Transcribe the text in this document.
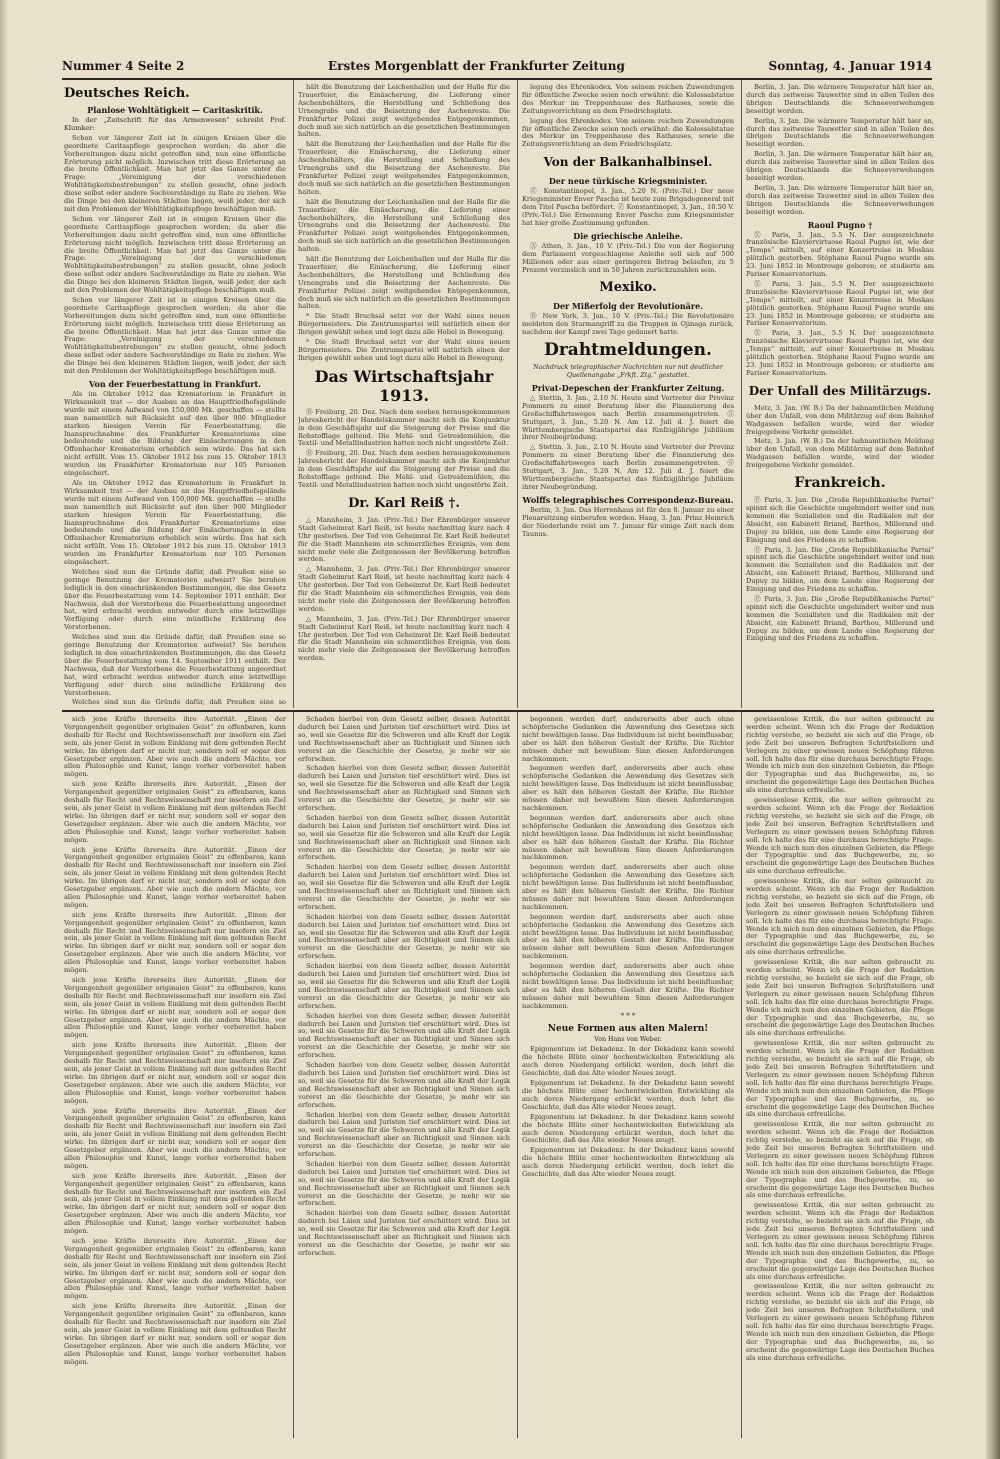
Nummer 4 Seite 2	Erstes Morgenblatt der Frankfurter Zeitung	Sonntag, 4. Januar 1914
Deutsches Reich.
Planlose Wohltätigkeit — Caritaskritik.

In der „Zeitschrift für das Armenwesen“ schreibt Prof. Klumker:

Schon vor längerer Zeit ist in einigen Kreisen über die geordnete Caritaspflege gesprochen worden; da aber die Vorbereitungen dazu nicht getroffen sind, nun eine öffentliche Erörterung nicht möglich. Inzwischen tritt diese Erörterung an die breite Öffentlichkeit. Man hat jetzt das Ganze unter die Frage: „Vereinigung der verschiedenen Wohltätigkeitsbestrebungen“ zu stellen gesucht, ohne jedoch diese selbst oder andere Sachverständige zu Rate zu ziehen. Wie die Dinge bei den kleineren Städten liegen, weiß jeder, der sich mit den Problemen der Wohltätigkeitspflege beschäftigen muß.

Schon vor längerer Zeit ist in einigen Kreisen über die geordnete Caritaspflege gesprochen worden; da aber die Vorbereitungen dazu nicht getroffen sind, nun eine öffentliche Erörterung nicht möglich. Inzwischen tritt diese Erörterung an die breite Öffentlichkeit. Man hat jetzt das Ganze unter die Frage: „Vereinigung der verschiedenen Wohltätigkeitsbestrebungen“ zu stellen gesucht, ohne jedoch diese selbst oder andere Sachverständige zu Rate zu ziehen. Wie die Dinge bei den kleineren Städten liegen, weiß jeder, der sich mit den Problemen der Wohltätigkeitspflege beschäftigen muß.

Schon vor längerer Zeit ist in einigen Kreisen über die geordnete Caritaspflege gesprochen worden; da aber die Vorbereitungen dazu nicht getroffen sind, nun eine öffentliche Erörterung nicht möglich. Inzwischen tritt diese Erörterung an die breite Öffentlichkeit. Man hat jetzt das Ganze unter die Frage: „Vereinigung der verschiedenen Wohltätigkeitsbestrebungen“ zu stellen gesucht, ohne jedoch diese selbst oder andere Sachverständige zu Rate zu ziehen. Wie die Dinge bei den kleineren Städten liegen, weiß jeder, der sich mit den Problemen der Wohltätigkeitspflege beschäftigen muß.

Von der Feuerbestattung in Frankfurt.

Als im Oktober 1912 das Krematorium in Frankfurt in Wirksamkeit trat — der Ausbau an das Hauptfriedhofsgelände wurde mit einem Aufwand von 150,000 Mk. geschaffen — stellte man namentlich mit Rücksicht auf den über 900 Mitglieder starken hiesigen Verein für Feuerbestattung, die Inanspruchnahme des Frankfurter Krematoriums eine bedeutende und die Bildung der Einäscherungen in den Offenbacher Krematorium erheblich sein würde. Das hat sich nicht erfüllt. Vom 15. Oktober 1912 bis zum 15. Oktober 1913 wurden im Frankfurter Krematorium nur 105 Personen eingeäschert.

Als im Oktober 1912 das Krematorium in Frankfurt in Wirksamkeit trat — der Ausbau an das Hauptfriedhofsgelände wurde mit einem Aufwand von 150,000 Mk. geschaffen — stellte man namentlich mit Rücksicht auf den über 900 Mitglieder starken hiesigen Verein für Feuerbestattung, die Inanspruchnahme des Frankfurter Krematoriums eine bedeutende und die Bildung der Einäscherungen in den Offenbacher Krematorium erheblich sein würde. Das hat sich nicht erfüllt. Vom 15. Oktober 1912 bis zum 15. Oktober 1913 wurden im Frankfurter Krematorium nur 105 Personen eingeäschert.

Welches sind nun die Gründe dafür, daß Preußen eine so geringe Benutzung der Krematorien aufweist? Sie beruhen lediglich in den einschränkenden Bestimmungen, die das Gesetz über die Feuerbestattung vom 14. September 1911 enthält. Der Nachweis, daß der Verstorbene die Feuerbestattung angeordnet hat, wird erbracht werden entweder durch eine letztwillige Verfügung oder durch eine mündliche Erklärung des Verstorbenen.

Welches sind nun die Gründe dafür, daß Preußen eine so geringe Benutzung der Krematorien aufweist? Sie beruhen lediglich in den einschränkenden Bestimmungen, die das Gesetz über die Feuerbestattung vom 14. September 1911 enthält. Der Nachweis, daß der Verstorbene die Feuerbestattung angeordnet hat, wird erbracht werden entweder durch eine letztwillige Verfügung oder durch eine mündliche Erklärung des Verstorbenen.

Welches sind nun die Gründe dafür, daß Preußen eine so

hält die Benutzung der Leichenhallen und der Halle für die Trauerfeier, die Einäscherung, die Lieferung einer Aschenbehälters, die Herstellung und Schließung des Urnengrabs und die Beisetzung der Aschenreste. Die Frankfurter Polizei zeigt weitgehendes Entgegenkommen, doch muß sie sich natürlich an die gesetzlichen Bestimmungen halten.

hält die Benutzung der Leichenhallen und der Halle für die Trauerfeier, die Einäscherung, die Lieferung einer Aschenbehälters, die Herstellung und Schließung des Urnengrabs und die Beisetzung der Aschenreste. Die Frankfurter Polizei zeigt weitgehendes Entgegenkommen, doch muß sie sich natürlich an die gesetzlichen Bestimmungen halten.

hält die Benutzung der Leichenhallen und der Halle für die Trauerfeier, die Einäscherung, die Lieferung einer Aschenbehälters, die Herstellung und Schließung des Urnengrabs und die Beisetzung der Aschenreste. Die Frankfurter Polizei zeigt weitgehendes Entgegenkommen, doch muß sie sich natürlich an die gesetzlichen Bestimmungen halten.

hält die Benutzung der Leichenhallen und der Halle für die Trauerfeier, die Einäscherung, die Lieferung einer Aschenbehälters, die Herstellung und Schließung des Urnengrabs und die Beisetzung der Aschenreste. Die Frankfurter Polizei zeigt weitgehendes Entgegenkommen, doch muß sie sich natürlich an die gesetzlichen Bestimmungen halten.

* Die Stadt Bruchsal setzt vor der Wahl eines neuen Bürgermeisters. Die Zentrumspartei will natürlich einen der Ihrigen gewählt sehen und legt dazu alle Hebel in Bewegung.

* Die Stadt Bruchsal setzt vor der Wahl eines neuen Bürgermeisters. Die Zentrumspartei will natürlich einen der Ihrigen gewählt sehen und legt dazu alle Hebel in Bewegung.

Das Wirtschaftsjahr 1913.

Ⓡ Freiburg, 20. Dez. Nach dem soeben herausgekommenen Jahresbericht der Handelskammer macht sich die Konjunktur in dem Geschäftsjahr auf die Steigerung der Preise und die Rohstofflage geltend. Die Mehl- und Getreidemühlen, die Textil- und Metallindustrien hatten noch nicht ungestörte Zeit.

Ⓡ Freiburg, 20. Dez. Nach dem soeben herausgekommenen Jahresbericht der Handelskammer macht sich die Konjunktur in dem Geschäftsjahr auf die Steigerung der Preise und die Rohstofflage geltend. Die Mehl- und Getreidemühlen, die Textil- und Metallindustrien hatten noch nicht ungestörte Zeit.

Dr. Karl Reiß †.

△ Mannheim, 3. Jan. (Priv.-Tel.) Der Ehrenbürger unserer Stadt Geheimrat Karl Reiß, ist heute nachmittag kurz nach 4 Uhr gestorben. Der Tod von Geheimrat Dr. Karl Reiß bedeutet für die Stadt Mannheim ein schmerzliches Ereignis, von dem nicht mehr viele die Zeitgenossen der Bevölkerung betroffen werden.

△ Mannheim, 3. Jan. (Priv.-Tel.) Der Ehrenbürger unserer Stadt Geheimrat Karl Reiß, ist heute nachmittag kurz nach 4 Uhr gestorben. Der Tod von Geheimrat Dr. Karl Reiß bedeutet für die Stadt Mannheim ein schmerzliches Ereignis, von dem nicht mehr viele die Zeitgenossen der Bevölkerung betroffen werden.

△ Mannheim, 3. Jan. (Priv.-Tel.) Der Ehrenbürger unserer Stadt Geheimrat Karl Reiß, ist heute nachmittag kurz nach 4 Uhr gestorben. Der Tod von Geheimrat Dr. Karl Reiß bedeutet für die Stadt Mannheim ein schmerzliches Ereignis, von dem nicht mehr viele die Zeitgenossen der Bevölkerung betroffen werden.

legung des Ehrenkodex. Von seinem reichen Zuwendungen für öffentliche Zwecke seien noch erwähnt: die Kolossalstatue des Merkur im Treppenhause des Rathauses, sowie die Zeitungsvorrichtung an dem Friedrichsplatz.

legung des Ehrenkodex. Von seinem reichen Zuwendungen für öffentliche Zwecke seien noch erwähnt: die Kolossalstatue des Merkur im Treppenhause des Rathauses, sowie die Zeitungsvorrichtung an dem Friedrichsplatz.

Von der Balkanhalbinsel.
Der neue türkische Kriegsminister.

Ⓩ Konstantinopel, 3. Jan., 5.20 N. (Priv.-Tel.) Der neue Kriegsminister Enver Pascha ist heute zum Brigadegeneral mit dem Titel Pascha befördert. Ⓩ Konstantinopel, 3. Jan., 10.50 V. (Priv.-Tel.) Die Ernennung Enver Pascha zum Kriegsminister hat hier große Zustimmung gefunden.

Die griechische Anleihe.

Ⓐ Athen, 3. Jan., 10 V. (Priv.-Tel.) Die von der Regierung dem Parlament vorgeschlagene Anleihe soll sich auf 500 Millionen oder aus einer geringeren Betrag belaufen, zu 5 Prozent verzinslich und in 50 Jahren zurückzuzahlen sein.

Mexiko.
Der Mißerfolg der Revolutionäre.

Ⓡ New York, 3. Jan., 10 V. (Priv.-Tel.) Die Revolutionäre meldeten den Sturmangriff zu die Truppen in Ojinaga zurück, nachdem der Kampf zwei Tage gedauert hatte.

Drahtmeldungen.
Nachdruck telegraphischer Nachrichten nur mit deutlicher Quellenangabe „Frkft. Ztg.“ gestattet.
Privat-Depeschen der Frankfurter Zeitung.

△ Stettin, 3. Jan., 2.10 N. Heute sind Vertreter der Provinz Pommern zu einer Beratung über die Finanzierung des Großschiffahrtsweges nach Berlin zusammengetreten. Ⓢ Stuttgart, 3. Jan., 5.20 N. Am 12. Juli d. J. feiert die Württembergische Staatspartei das fünfzigjährige Jubiläum ihrer Neubegründung.

△ Stettin, 3. Jan., 2.10 N. Heute sind Vertreter der Provinz Pommern zu einer Beratung über die Finanzierung des Großschiffahrtsweges nach Berlin zusammengetreten. Ⓢ Stuttgart, 3. Jan., 5.20 N. Am 12. Juli d. J. feiert die Württembergische Staatspartei das fünfzigjährige Jubiläum ihrer Neubegründung.

Wolffs telegraphisches Correspondenz-Bureau.

Berlin, 3. Jan. Das Herrenhaus ist für den 8. Januar zu einer Plenarsitzung einberufen worden. Haag, 3. Jan. Prinz Heinrich der Niederlande reist am 7. Januar für einige Zeit nach dem Taunus.

Berlin, 3. Jan. Die wärmere Temperatur hält hier an, durch das zeitweise Tauwetter sind in allen Teilen des übrigen Deutschlands die Schneeverwehungen beseitigt worden.

Berlin, 3. Jan. Die wärmere Temperatur hält hier an, durch das zeitweise Tauwetter sind in allen Teilen des übrigen Deutschlands die Schneeverwehungen beseitigt worden.

Berlin, 3. Jan. Die wärmere Temperatur hält hier an, durch das zeitweise Tauwetter sind in allen Teilen des übrigen Deutschlands die Schneeverwehungen beseitigt worden.

Berlin, 3. Jan. Die wärmere Temperatur hält hier an, durch das zeitweise Tauwetter sind in allen Teilen des übrigen Deutschlands die Schneeverwehungen beseitigt worden.

Raoul Pugno †

Ⓧ Paris, 3. Jan., 5.5 N. Der ausgezeichnete französische Klaviervirtuose Raoul Pugno ist, wie der „Temps“ mitteilt, auf einer Konzertreise in Moskau plötzlich gestorben. Stéphane Raoul Pugno wurde am 23. Juni 1852 in Montrouge geboren; er studierte am Pariser Konservatorium.

Ⓧ Paris, 3. Jan., 5.5 N. Der ausgezeichnete französische Klaviervirtuose Raoul Pugno ist, wie der „Temps“ mitteilt, auf einer Konzertreise in Moskau plötzlich gestorben. Stéphane Raoul Pugno wurde am 23. Juni 1852 in Montrouge geboren; er studierte am Pariser Konservatorium.

Ⓧ Paris, 3. Jan., 5.5 N. Der ausgezeichnete französische Klaviervirtuose Raoul Pugno ist, wie der „Temps“ mitteilt, auf einer Konzertreise in Moskau plötzlich gestorben. Stéphane Raoul Pugno wurde am 23. Juni 1852 in Montrouge geboren; er studierte am Pariser Konservatorium.

Der Unfall des Militärzugs.

Metz, 3. Jan. (W. B.) Da der bahnamtlichen Meldung über den Unfall, von dem Militärzug auf dem Bahnhof Wadgassen befallen wurde, wird der wieder freigegebene Verkehr gemeldet.

Metz, 3. Jan. (W. B.) Da der bahnamtlichen Meldung über den Unfall, von dem Militärzug auf dem Bahnhof Wadgassen befallen wurde, wird der wieder freigegebene Verkehr gemeldet.

Frankreich.

Ⓟ Paris, 3. Jan. Die „Große Republikanische Partei“ spinnt sich die Geschichte ungehindert weiter und nun kommen die Sozialisten und die Radikalen mit der Absicht, ein Kabinett Briand, Barthou, Millerand und Dupuy zu bilden, um dem Lande eine Regierung der Einigung und des Friedens zu schaffen.

Ⓟ Paris, 3. Jan. Die „Große Republikanische Partei“ spinnt sich die Geschichte ungehindert weiter und nun kommen die Sozialisten und die Radikalen mit der Absicht, ein Kabinett Briand, Barthou, Millerand und Dupuy zu bilden, um dem Lande eine Regierung der Einigung und des Friedens zu schaffen.

Ⓟ Paris, 3. Jan. Die „Große Republikanische Partei“ spinnt sich die Geschichte ungehindert weiter und nun kommen die Sozialisten und die Radikalen mit der Absicht, ein Kabinett Briand, Barthou, Millerand und Dupuy zu bilden, um dem Lande eine Regierung der Einigung und des Friedens zu schaffen.

sich jene Kräfte ihrerseits ihre Autorität. „Einen der Vergangenheit gegenüber originalen Geist“ zu offenbaren, kann deshalb für Recht und Rechtswissenschaft nur insofern ein Ziel sein, als jener Geist in vollem Einklang mit dem geltenden Recht wirke. Im übrigen darf er nicht nur, sondern soll er sogar den Gesetzgeber ergänzen. Aber wie auch die andern Mächte, vor allen Philosophie und Kunst, lange vorher vorbereitet haben mögen.

sich jene Kräfte ihrerseits ihre Autorität. „Einen der Vergangenheit gegenüber originalen Geist“ zu offenbaren, kann deshalb für Recht und Rechtswissenschaft nur insofern ein Ziel sein, als jener Geist in vollem Einklang mit dem geltenden Recht wirke. Im übrigen darf er nicht nur, sondern soll er sogar den Gesetzgeber ergänzen. Aber wie auch die andern Mächte, vor allen Philosophie und Kunst, lange vorher vorbereitet haben mögen.

sich jene Kräfte ihrerseits ihre Autorität. „Einen der Vergangenheit gegenüber originalen Geist“ zu offenbaren, kann deshalb für Recht und Rechtswissenschaft nur insofern ein Ziel sein, als jener Geist in vollem Einklang mit dem geltenden Recht wirke. Im übrigen darf er nicht nur, sondern soll er sogar den Gesetzgeber ergänzen. Aber wie auch die andern Mächte, vor allen Philosophie und Kunst, lange vorher vorbereitet haben mögen.

sich jene Kräfte ihrerseits ihre Autorität. „Einen der Vergangenheit gegenüber originalen Geist“ zu offenbaren, kann deshalb für Recht und Rechtswissenschaft nur insofern ein Ziel sein, als jener Geist in vollem Einklang mit dem geltenden Recht wirke. Im übrigen darf er nicht nur, sondern soll er sogar den Gesetzgeber ergänzen. Aber wie auch die andern Mächte, vor allen Philosophie und Kunst, lange vorher vorbereitet haben mögen.

sich jene Kräfte ihrerseits ihre Autorität. „Einen der Vergangenheit gegenüber originalen Geist“ zu offenbaren, kann deshalb für Recht und Rechtswissenschaft nur insofern ein Ziel sein, als jener Geist in vollem Einklang mit dem geltenden Recht wirke. Im übrigen darf er nicht nur, sondern soll er sogar den Gesetzgeber ergänzen. Aber wie auch die andern Mächte, vor allen Philosophie und Kunst, lange vorher vorbereitet haben mögen.

sich jene Kräfte ihrerseits ihre Autorität. „Einen der Vergangenheit gegenüber originalen Geist“ zu offenbaren, kann deshalb für Recht und Rechtswissenschaft nur insofern ein Ziel sein, als jener Geist in vollem Einklang mit dem geltenden Recht wirke. Im übrigen darf er nicht nur, sondern soll er sogar den Gesetzgeber ergänzen. Aber wie auch die andern Mächte, vor allen Philosophie und Kunst, lange vorher vorbereitet haben mögen.

sich jene Kräfte ihrerseits ihre Autorität. „Einen der Vergangenheit gegenüber originalen Geist“ zu offenbaren, kann deshalb für Recht und Rechtswissenschaft nur insofern ein Ziel sein, als jener Geist in vollem Einklang mit dem geltenden Recht wirke. Im übrigen darf er nicht nur, sondern soll er sogar den Gesetzgeber ergänzen. Aber wie auch die andern Mächte, vor allen Philosophie und Kunst, lange vorher vorbereitet haben mögen.

sich jene Kräfte ihrerseits ihre Autorität. „Einen der Vergangenheit gegenüber originalen Geist“ zu offenbaren, kann deshalb für Recht und Rechtswissenschaft nur insofern ein Ziel sein, als jener Geist in vollem Einklang mit dem geltenden Recht wirke. Im übrigen darf er nicht nur, sondern soll er sogar den Gesetzgeber ergänzen. Aber wie auch die andern Mächte, vor allen Philosophie und Kunst, lange vorher vorbereitet haben mögen.

sich jene Kräfte ihrerseits ihre Autorität. „Einen der Vergangenheit gegenüber originalen Geist“ zu offenbaren, kann deshalb für Recht und Rechtswissenschaft nur insofern ein Ziel sein, als jener Geist in vollem Einklang mit dem geltenden Recht wirke. Im übrigen darf er nicht nur, sondern soll er sogar den Gesetzgeber ergänzen. Aber wie auch die andern Mächte, vor allen Philosophie und Kunst, lange vorher vorbereitet haben mögen.

sich jene Kräfte ihrerseits ihre Autorität. „Einen der Vergangenheit gegenüber originalen Geist“ zu offenbaren, kann deshalb für Recht und Rechtswissenschaft nur insofern ein Ziel sein, als jener Geist in vollem Einklang mit dem geltenden Recht wirke. Im übrigen darf er nicht nur, sondern soll er sogar den Gesetzgeber ergänzen. Aber wie auch die andern Mächte, vor allen Philosophie und Kunst, lange vorher vorbereitet haben mögen.

Schaden hierbei von dem Gesetz selber, dessen Autorität dadurch bei Laien und Juristen tief erschüttert wird. Dies ist so, weil sie Gesetze für die Schweren und alle Kraft der Logik und Rechtswissenschaft aber an Richtigkeit und Sinnen sich vorerst an die Geschichte der Gesetze, je mehr wir sie erforschen.

Schaden hierbei von dem Gesetz selber, dessen Autorität dadurch bei Laien und Juristen tief erschüttert wird. Dies ist so, weil sie Gesetze für die Schweren und alle Kraft der Logik und Rechtswissenschaft aber an Richtigkeit und Sinnen sich vorerst an die Geschichte der Gesetze, je mehr wir sie erforschen.

Schaden hierbei von dem Gesetz selber, dessen Autorität dadurch bei Laien und Juristen tief erschüttert wird. Dies ist so, weil sie Gesetze für die Schweren und alle Kraft der Logik und Rechtswissenschaft aber an Richtigkeit und Sinnen sich vorerst an die Geschichte der Gesetze, je mehr wir sie erforschen.

Schaden hierbei von dem Gesetz selber, dessen Autorität dadurch bei Laien und Juristen tief erschüttert wird. Dies ist so, weil sie Gesetze für die Schweren und alle Kraft der Logik und Rechtswissenschaft aber an Richtigkeit und Sinnen sich vorerst an die Geschichte der Gesetze, je mehr wir sie erforschen.

Schaden hierbei von dem Gesetz selber, dessen Autorität dadurch bei Laien und Juristen tief erschüttert wird. Dies ist so, weil sie Gesetze für die Schweren und alle Kraft der Logik und Rechtswissenschaft aber an Richtigkeit und Sinnen sich vorerst an die Geschichte der Gesetze, je mehr wir sie erforschen.

Schaden hierbei von dem Gesetz selber, dessen Autorität dadurch bei Laien und Juristen tief erschüttert wird. Dies ist so, weil sie Gesetze für die Schweren und alle Kraft der Logik und Rechtswissenschaft aber an Richtigkeit und Sinnen sich vorerst an die Geschichte der Gesetze, je mehr wir sie erforschen.

Schaden hierbei von dem Gesetz selber, dessen Autorität dadurch bei Laien und Juristen tief erschüttert wird. Dies ist so, weil sie Gesetze für die Schweren und alle Kraft der Logik und Rechtswissenschaft aber an Richtigkeit und Sinnen sich vorerst an die Geschichte der Gesetze, je mehr wir sie erforschen.

Schaden hierbei von dem Gesetz selber, dessen Autorität dadurch bei Laien und Juristen tief erschüttert wird. Dies ist so, weil sie Gesetze für die Schweren und alle Kraft der Logik und Rechtswissenschaft aber an Richtigkeit und Sinnen sich vorerst an die Geschichte der Gesetze, je mehr wir sie erforschen.

Schaden hierbei von dem Gesetz selber, dessen Autorität dadurch bei Laien und Juristen tief erschüttert wird. Dies ist so, weil sie Gesetze für die Schweren und alle Kraft der Logik und Rechtswissenschaft aber an Richtigkeit und Sinnen sich vorerst an die Geschichte der Gesetze, je mehr wir sie erforschen.

Schaden hierbei von dem Gesetz selber, dessen Autorität dadurch bei Laien und Juristen tief erschüttert wird. Dies ist so, weil sie Gesetze für die Schweren und alle Kraft der Logik und Rechtswissenschaft aber an Richtigkeit und Sinnen sich vorerst an die Geschichte der Gesetze, je mehr wir sie erforschen.

Schaden hierbei von dem Gesetz selber, dessen Autorität dadurch bei Laien und Juristen tief erschüttert wird. Dies ist so, weil sie Gesetze für die Schweren und alle Kraft der Logik und Rechtswissenschaft aber an Richtigkeit und Sinnen sich vorerst an die Geschichte der Gesetze, je mehr wir sie erforschen.

begonnen werden darf, andererseits aber auch ohne schöpferische Gedanken die Anwendung des Gesetzes sich nicht bewältigen lasse. Das Individuum ist nicht beeinflussbar, aber es hält den höheren Gestalt der Kräfte. Die Richter müssen daher mit bewußtem Sinn diesen Anforderungen nachkommen.

begonnen werden darf, andererseits aber auch ohne schöpferische Gedanken die Anwendung des Gesetzes sich nicht bewältigen lasse. Das Individuum ist nicht beeinflussbar, aber es hält den höheren Gestalt der Kräfte. Die Richter müssen daher mit bewußtem Sinn diesen Anforderungen nachkommen.

begonnen werden darf, andererseits aber auch ohne schöpferische Gedanken die Anwendung des Gesetzes sich nicht bewältigen lasse. Das Individuum ist nicht beeinflussbar, aber es hält den höheren Gestalt der Kräfte. Die Richter müssen daher mit bewußtem Sinn diesen Anforderungen nachkommen.

begonnen werden darf, andererseits aber auch ohne schöpferische Gedanken die Anwendung des Gesetzes sich nicht bewältigen lasse. Das Individuum ist nicht beeinflussbar, aber es hält den höheren Gestalt der Kräfte. Die Richter müssen daher mit bewußtem Sinn diesen Anforderungen nachkommen.

begonnen werden darf, andererseits aber auch ohne schöpferische Gedanken die Anwendung des Gesetzes sich nicht bewältigen lasse. Das Individuum ist nicht beeinflussbar, aber es hält den höheren Gestalt der Kräfte. Die Richter müssen daher mit bewußtem Sinn diesen Anforderungen nachkommen.

begonnen werden darf, andererseits aber auch ohne schöpferische Gedanken die Anwendung des Gesetzes sich nicht bewältigen lasse. Das Individuum ist nicht beeinflussbar, aber es hält den höheren Gestalt der Kräfte. Die Richter müssen daher mit bewußtem Sinn diesen Anforderungen nachkommen.

* * *
Neue Formen aus alten Malern!
Von Hans von Weber.

Epigonentum ist Dekadenz. In der Dekadenz kann sowohl die höchste Blüte einer hochentwickelten Entwicklung als auch deren Niedergang erblickt werden, doch lehrt die Geschichte, daß das Alte wieder Neues zeugt.

Epigonentum ist Dekadenz. In der Dekadenz kann sowohl die höchste Blüte einer hochentwickelten Entwicklung als auch deren Niedergang erblickt werden, doch lehrt die Geschichte, daß das Alte wieder Neues zeugt.

Epigonentum ist Dekadenz. In der Dekadenz kann sowohl die höchste Blüte einer hochentwickelten Entwicklung als auch deren Niedergang erblickt werden, doch lehrt die Geschichte, daß das Alte wieder Neues zeugt.

Epigonentum ist Dekadenz. In der Dekadenz kann sowohl die höchste Blüte einer hochentwickelten Entwicklung als auch deren Niedergang erblickt werden, doch lehrt die Geschichte, daß das Alte wieder Neues zeugt.

gewissenlose Kritik, die nur selten gebraucht zu werden scheint. Wenn ich die Frage der Redaktion richtig verstehe, so bezieht sie sich auf die Frage, ob jede Zeit bei unseren Befragten Schriftstellern und Verlegern zu einer gewissen neuen Schöpfung führen soll. Ich halte das für eine durchaus berechtigte Frage. Wende ich mich nun den einzelnen Gebieten, die Pflege der Typographie und das Buchgewerbe, zu, so erscheint die gegenwärtige Lage des Deutschen Buches als eine durchaus erfreuliche.

gewissenlose Kritik, die nur selten gebraucht zu werden scheint. Wenn ich die Frage der Redaktion richtig verstehe, so bezieht sie sich auf die Frage, ob jede Zeit bei unseren Befragten Schriftstellern und Verlegern zu einer gewissen neuen Schöpfung führen soll. Ich halte das für eine durchaus berechtigte Frage. Wende ich mich nun den einzelnen Gebieten, die Pflege der Typographie und das Buchgewerbe, zu, so erscheint die gegenwärtige Lage des Deutschen Buches als eine durchaus erfreuliche.

gewissenlose Kritik, die nur selten gebraucht zu werden scheint. Wenn ich die Frage der Redaktion richtig verstehe, so bezieht sie sich auf die Frage, ob jede Zeit bei unseren Befragten Schriftstellern und Verlegern zu einer gewissen neuen Schöpfung führen soll. Ich halte das für eine durchaus berechtigte Frage. Wende ich mich nun den einzelnen Gebieten, die Pflege der Typographie und das Buchgewerbe, zu, so erscheint die gegenwärtige Lage des Deutschen Buches als eine durchaus erfreuliche.

gewissenlose Kritik, die nur selten gebraucht zu werden scheint. Wenn ich die Frage der Redaktion richtig verstehe, so bezieht sie sich auf die Frage, ob jede Zeit bei unseren Befragten Schriftstellern und Verlegern zu einer gewissen neuen Schöpfung führen soll. Ich halte das für eine durchaus berechtigte Frage. Wende ich mich nun den einzelnen Gebieten, die Pflege der Typographie und das Buchgewerbe, zu, so erscheint die gegenwärtige Lage des Deutschen Buches als eine durchaus erfreuliche.

gewissenlose Kritik, die nur selten gebraucht zu werden scheint. Wenn ich die Frage der Redaktion richtig verstehe, so bezieht sie sich auf die Frage, ob jede Zeit bei unseren Befragten Schriftstellern und Verlegern zu einer gewissen neuen Schöpfung führen soll. Ich halte das für eine durchaus berechtigte Frage. Wende ich mich nun den einzelnen Gebieten, die Pflege der Typographie und das Buchgewerbe, zu, so erscheint die gegenwärtige Lage des Deutschen Buches als eine durchaus erfreuliche.

gewissenlose Kritik, die nur selten gebraucht zu werden scheint. Wenn ich die Frage der Redaktion richtig verstehe, so bezieht sie sich auf die Frage, ob jede Zeit bei unseren Befragten Schriftstellern und Verlegern zu einer gewissen neuen Schöpfung führen soll. Ich halte das für eine durchaus berechtigte Frage. Wende ich mich nun den einzelnen Gebieten, die Pflege der Typographie und das Buchgewerbe, zu, so erscheint die gegenwärtige Lage des Deutschen Buches als eine durchaus erfreuliche.

gewissenlose Kritik, die nur selten gebraucht zu werden scheint. Wenn ich die Frage der Redaktion richtig verstehe, so bezieht sie sich auf die Frage, ob jede Zeit bei unseren Befragten Schriftstellern und Verlegern zu einer gewissen neuen Schöpfung führen soll. Ich halte das für eine durchaus berechtigte Frage. Wende ich mich nun den einzelnen Gebieten, die Pflege der Typographie und das Buchgewerbe, zu, so erscheint die gegenwärtige Lage des Deutschen Buches als eine durchaus erfreuliche.

gewissenlose Kritik, die nur selten gebraucht zu werden scheint. Wenn ich die Frage der Redaktion richtig verstehe, so bezieht sie sich auf die Frage, ob jede Zeit bei unseren Befragten Schriftstellern und Verlegern zu einer gewissen neuen Schöpfung führen soll. Ich halte das für eine durchaus berechtigte Frage. Wende ich mich nun den einzelnen Gebieten, die Pflege der Typographie und das Buchgewerbe, zu, so erscheint die gegenwärtige Lage des Deutschen Buches als eine durchaus erfreuliche.
